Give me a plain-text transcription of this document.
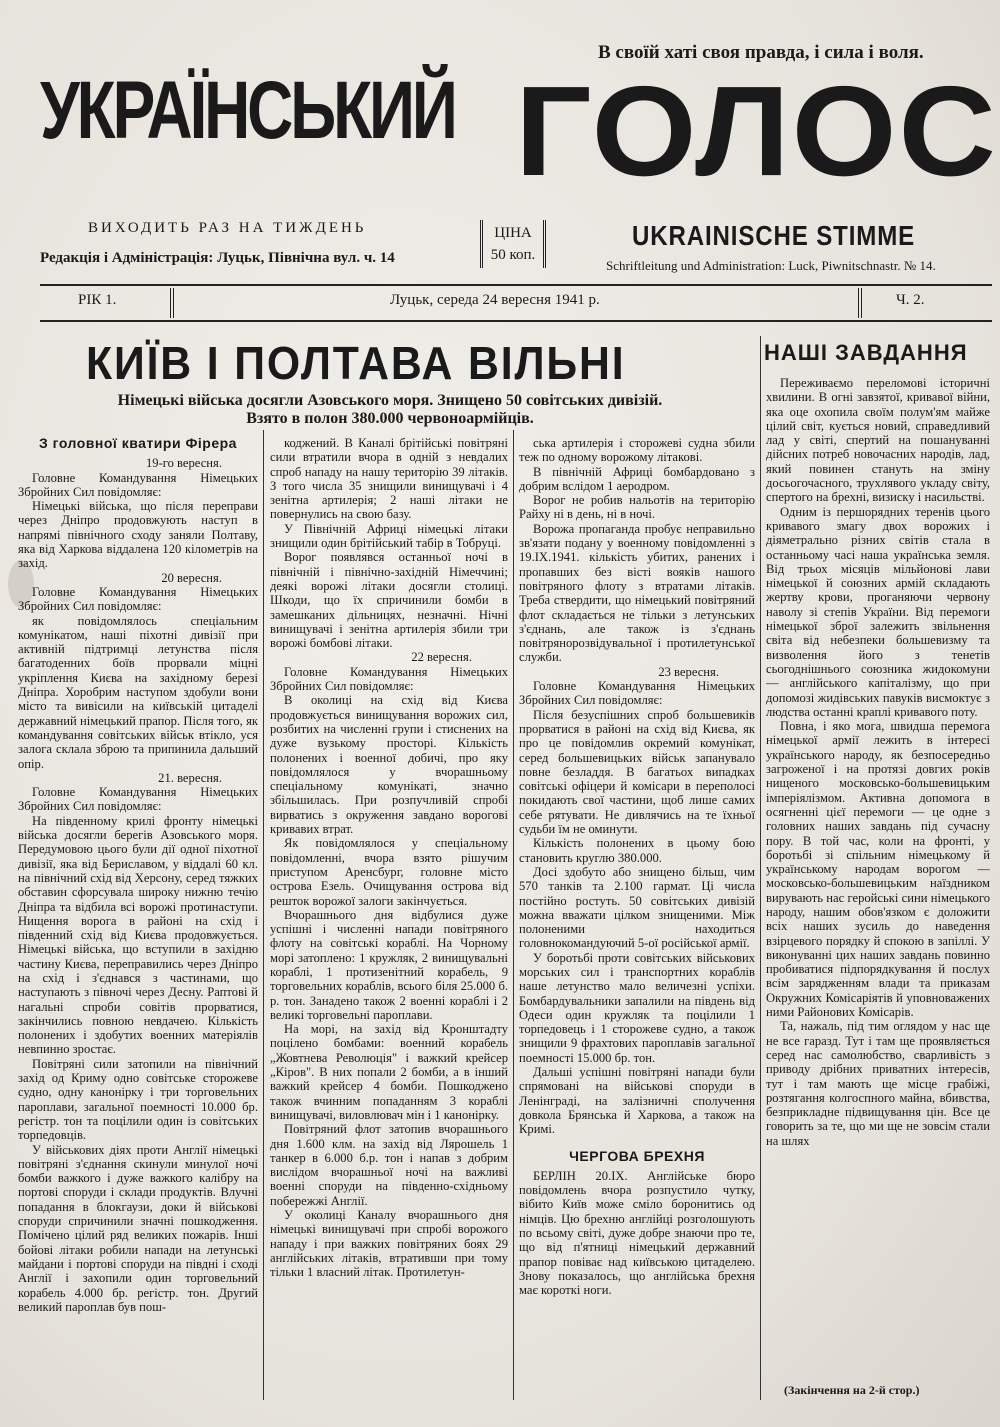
В своїй хаті своя правда, і сила і воля.
УКРАЇНСЬКИЙ ГОЛОС
ВИХОДИТЬ РАЗ НА ТИЖДЕНЬ
Редакція і Адміністрація: Луцьк, Північна вул. ч. 14
ЦІНА
50 коп.
UKRAINISCHE STIMME
Schriftleitung und Administration: Luck, Piwnitschnastr. № 14.
РІК 1.	Луцьк, середа 24 вересня 1941 р.	Ч. 2.
КИЇВ І ПОЛТАВА ВІЛЬНІ
Німецькі війська досягли Азовського моря. Знищено 50 совітських дивізій.
Взято в полон 380.000 червоноармійців.
З головної кватири Фірера

19-го вересня.

Головне Командування Німецьких Збройних Сил повідомляє:

Німецькі війська, що після переправи через Дніпро продовжують наступ в напрямі північного сходу заняли Полтаву, яка від Харкова віддалена 120 кілометрів на захід.

20 вересня.

Головне Командування Німецьких Збройних Сил повідомляє:

як повідомлялось спеціальним комунікатом, наші піхотні дивізії при активній підтримці летунства після багатоденних боїв прорвали міцні укріплення Києва на західному березі Дніпра. Хоробрим наступом здобули вони місто та вивісили на київській цитаделі державний німецький прапор. Після того, як командування совітських військ втікло, уся залога склала зброю та припинила дальший опір.

21. вересня.

Головне Командування Німецьких Збройних Сил повідомляє:

На південному крилі фронту німецькі війська досягли берегів Азовського моря. Передумовою цього були дії одної піхотної дивізії, яка від Бериславом, у віддалі 60 кл. на північний схід від Херсону, серед тяжких обставин сфорсувала широку нижню течію Дніпра та відбила всі ворожі протинаступи. Нищення ворога в районі на схід і південний схід від Києва продовжується. Німецькі війська, що вступили в західню частину Києва, переправились через Дніпро на схід і з'єднався з частинами, що наступають з півночі через Десну. Раптові й нагальні спроби совітів прорватися, закінчились повною невдачею. Кількість полонених і здобутих военних матеріялів невпинно зростає.

Повітряні сили затопили на північний захід од Криму одно совітське сторожеве судно, одну канонірку і три торговельних пароплави, загальної поемності 10.000 бр. регістр. тон та поцілили один із совітських торпедовців.

У військових діях проти Англії німецькі повітряні з'єднання скинули минулої ночі бомби важкого і дуже важкого калібру на портові споруди і склади продуктів. Влучні попадання в блокгаузи, доки й військові споруди спричинили значні пошкодження. Помічено цілий ряд великих пожарів. Інші бойові літаки робили напади на летунські майдани і портові споруди на півдні і сході Англії і захопили один торговельний корабель 4.000 бр. регістр. тон. Другий великий пароплав був пош-

коджений. В Каналі брітійські повітряні сили втратили вчора в одній з невдалих спроб нападу на нашу територію 39 літаків. З того числа 35 знищили винищувачі і 4 зенітна артилерія; 2 наші літаки не повернулись на свою базу.

У Північній Африці німецькі літаки знищили один брітійський табір в Тобруці.

Ворог появлявся останньої ночі в північній і північно-західній Німеччині; деякі ворожі літаки досягли столиці. Шкоди, що їх спричинили бомби в замешканих дільницях, незначні. Нічні винищувачі і зенітна артилерія збили три ворожі бомбові літаки.

22 вересня.

Головне Командування Німецьких Збройних Сил повідомляє:

В околиці на схід від Києва продовжується винищування ворожих сил, розбитих на численні групи і стиснених на дуже вузькому просторі. Кількість полонених і военної добичі, про яку повідомлялося у вчорашньому спеціальному комунікаті, значно збільшилась. При розпучливій спробі вирватись з окруження завдано ворогові кривавих втрат.

Як повідомлялося у спеціальному повідомленні, вчора взято рішучим приступом Аренсбург, головне місто острова Езель. Очищування острова від решток ворожої залоги закінчується.

Вчорашнього дня відбулися дуже успішні і численні напади повітряного флоту на совітські кораблі. На Чорному морі затоплено: 1 кружляк, 2 винищувальні кораблі, 1 протизенітний корабель, 9 торговельних кораблів, всього біля 25.000 б. р. тон. Занадено також 2 военні кораблі і 2 великі торговельні пароплави.

На морі, на захід від Кронштадту поцілено бомбами: военний корабель „Жовтнева Революція" і важкий крейсер „Кіров". В них попали 2 бомби, а в інший важкий крейсер 4 бомби. Пошкоджено також вчинним попаданням 3 кораблі винищувачі, виловлювач мін і 1 канонірку.

Повітряний флот затопив вчорашнього дня 1.600 клм. на захід від Лярошель 1 танкер в 6.000 б.р. тон і напав з добрим вислідом вчорашньої ночі на важливі военні споруди на південно-східньому побережжі Англії.

У околиці Каналу вчорашнього дня німецькі винищувачі при спробі ворожого нападу і при важких повітряних боях 29 англійських літаків, втративши при тому тільки 1 власний літак. Протилетун-

ська артилерія і сторожеві судна збили теж по одному ворожому літакові.

В північній Африці бомбардовано з добрим вслідом 1 аеродром.

Ворог не робив нальотів на територію Райху ні в день, ні в ночі.

Ворожа пропаганда пробує неправильно зв'язати подану у военному повідомленні з 19.IX.1941. кількість убитих, ранених і пропавших без вісті вояків нашого повітряного флоту з втратами літаків. Треба ствердити, що німецький повітряний флот складається не тільки з летунських з'єднань, але також із з'єднань повітрянорозвідувальної і протилетунської служби.

23 вересня.

Головне Командування Німецьких Збройних Сил повідомляє:

Після безуспішних спроб большевиків прорватися в районі на схід від Києва, як про це повідомлив окремий комунікат, серед большевицьких військ запанувало повне безладдя. В багатьох випадках совітські офіцери й комісари в переполосі покидають свої частини, щоб лише самих себе рятувати. Не дивлячись на те їхньої судьби їм не оминути.

Кількість полонених в цьому бою становить круглю 380.000.

Досі здобуто або знищено більш, чим 570 танків та 2.100 гармат. Ці числа постійно ростуть. 50 совітських дивізій можна вважати цілком знищеними. Між полоненими находиться головнокомандуючий 5-ої російської армії.

У боротьбі проти совітських військових морських сил і транспортних кораблів наше летунство мало величезні успіхи. Бомбардувальники запалили на південь від Одеси один кружляк та поцілили 1 торпедовець і 1 сторожеве судно, а також знищили 9 фрахтових пароплавів загальної поемності 15.000 бр. тон.

Дальші успішні повітряні напади були спрямовані на військові споруди в Ленінграді, на залізничні сполучення довкола Брянська й Харкова, а також на Кримі.

ЧЕРГОВА БРЕХНЯ

БЕРЛІН 20.IX. Англійське бюро повідомлень вчора розпустило чутку, вібито Київ може сміло боронитись од німців. Цю брехню англійці розголошують по всьому світі, дуже добре знаючи про те, що від п'ятниці німецький державний прапор повіває над київською цитаделею. Знову показалось, що англійська брехня має короткі ноги.

НАШІ ЗАВДАННЯ

Переживаємо переломові історичні хвилини. В огні завзятої, кривавої війни, яка оце охопила своїм полум'ям майже цілий світ, кується новий, справедливий лад у світі, спертий на пошануванні дійсних потреб новочасних народів, лад, який повинен стануть на зміну досьогочасного, трухлявого укладу світу, спертого на брехні, визиску і насильстві.

Одним із першорядних теренів цього кривавого змагу двох ворожих і діяметрально різних світів стала в останньому часі наша українська земля. Від трьох місяців мільйонові лави німецької й союзних армій складають жертву крови, проганяючи червону наволу зі степів України. Від перемоги німецької зброї залежить звільнення світа від небезпеки большевизму та визволення його з тенетів сьогоднішнього союзника жидокомуни — англійського капіталізму, що при допомозі жидівських павуків висмоктує з людства останні краплі кривавого поту.

Повна, і яко мога, швидша перемога німецької армії лежить в інтересі українського народу, як безпосередньо загроженої і на протязі довгих років нищеного московсько-большевицьким імперіялізмом. Активна допомога в осягненні цієї перемоги — це одне з головних наших завдань під сучасну пору. В той час, коли на фронті, у боротьбі зі спільним німецькому й українському народам ворогом — московсько-большевицьким наїздником вирувають нас геройські сини німецького народу, нашим обов'язком є доложити всіх наших зусиль до наведення взірцевого порядку й спокою в запіллі. У виконуванні цих наших завдань повинно пробиватися підпорядкування й послух всім зарядженням влади та приказам Окружних Комісаріятів й уповноважених ними Районових Комісарів.

Та, нажаль, під тим оглядом у нас ще не все гаразд. Тут і там ще проявляється серед нас самолюбство, сварливість з приводу дрібних приватних інтересів, тут і там мають ще місце грабіжі, розтягання колгоспного майна, вбивства, безприкладне підвищування цін. Все це говорить за те, що ми ще не зовсім стали на шлях

(Закінчення на 2-й стор.)
